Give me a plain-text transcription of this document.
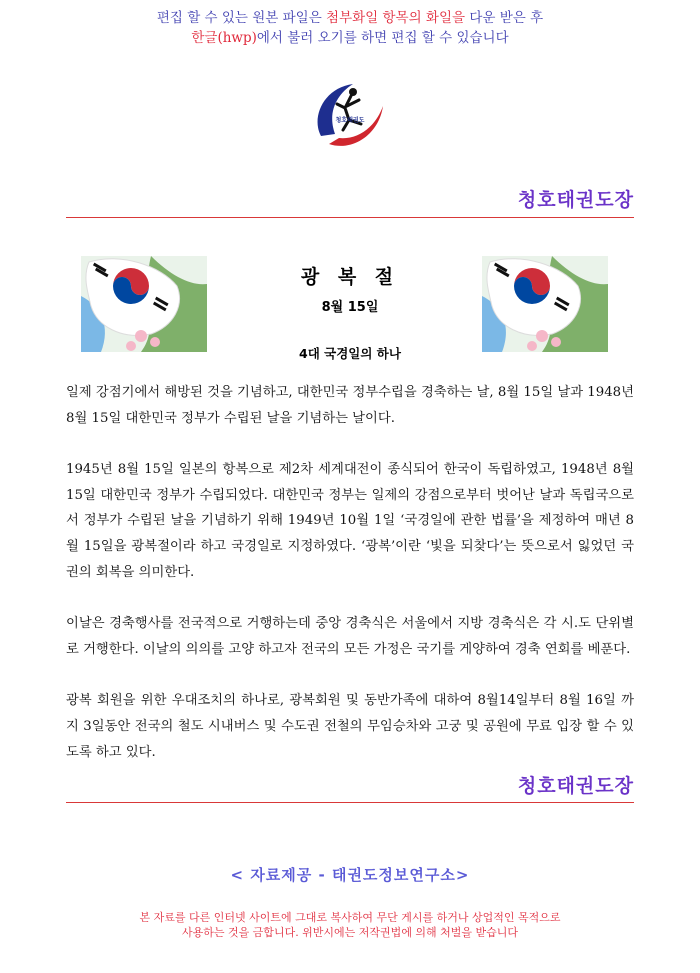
편집 할 수 있는 원본 파일은 첨부화일 항목의 화일을 다운 받은 후
한글(hwp)에서 불러 오기를 하면 편집 할 수 있습니다
청호태권도
청호태권도장
광 복 절
8월 15일
4대 국경일의 하나

일제 강점기에서 해방된 것을 기념하고, 대한민국 정부수립을 경축하는 날, 8월 15일 날과 1948년 8월 15일 대한민국 정부가 수립된 날을 기념하는 날이다.

1945년 8월 15일 일본의 항복으로 제2차 세계대전이 종식되어 한국이 독립하였고, 1948년 8월 15일 대한민국 정부가 수립되었다. 대한민국 정부는 일제의 강점으로부터 벗어난 날과 독립국으로서 정부가 수립된 날을 기념하기 위해 1949년 10월 1일 ‘국경일에 관한 법률’을 제정하여 매년 8월 15일을 광복절이라 하고 국경일로 지정하였다. ‘광복’이란 ‘빛을 되찾다’는 뜻으로서 잃었던 국권의 회복을 의미한다.

이날은 경축행사를 전국적으로 거행하는데 중앙 경축식은 서울에서 지방 경축식은 각 시.도 단위별로 거행한다. 이날의 의의를 고양 하고자 전국의 모든 가정은 국기를 게양하여 경축 연회를 베푼다.

광복 회원을 위한 우대조치의 하나로, 광복회원 및 동반가족에 대하여 8월14일부터 8월 16일 까지 3일동안 전국의 철도 시내버스 및 수도권 전철의 무임승차와 고궁 및 공원에 무료 입장 할 수 있도록 하고 있다.

청호태권도장
< 자료제공 - 태권도정보연구소>
본 자료를 다른 인터넷 사이트에 그대로 복사하여 무단 게시를 하거나 상업적인 목적으로
사용하는 것을 금합니다. 위반시에는 저작권법에 의해 처벌을 받습니다
